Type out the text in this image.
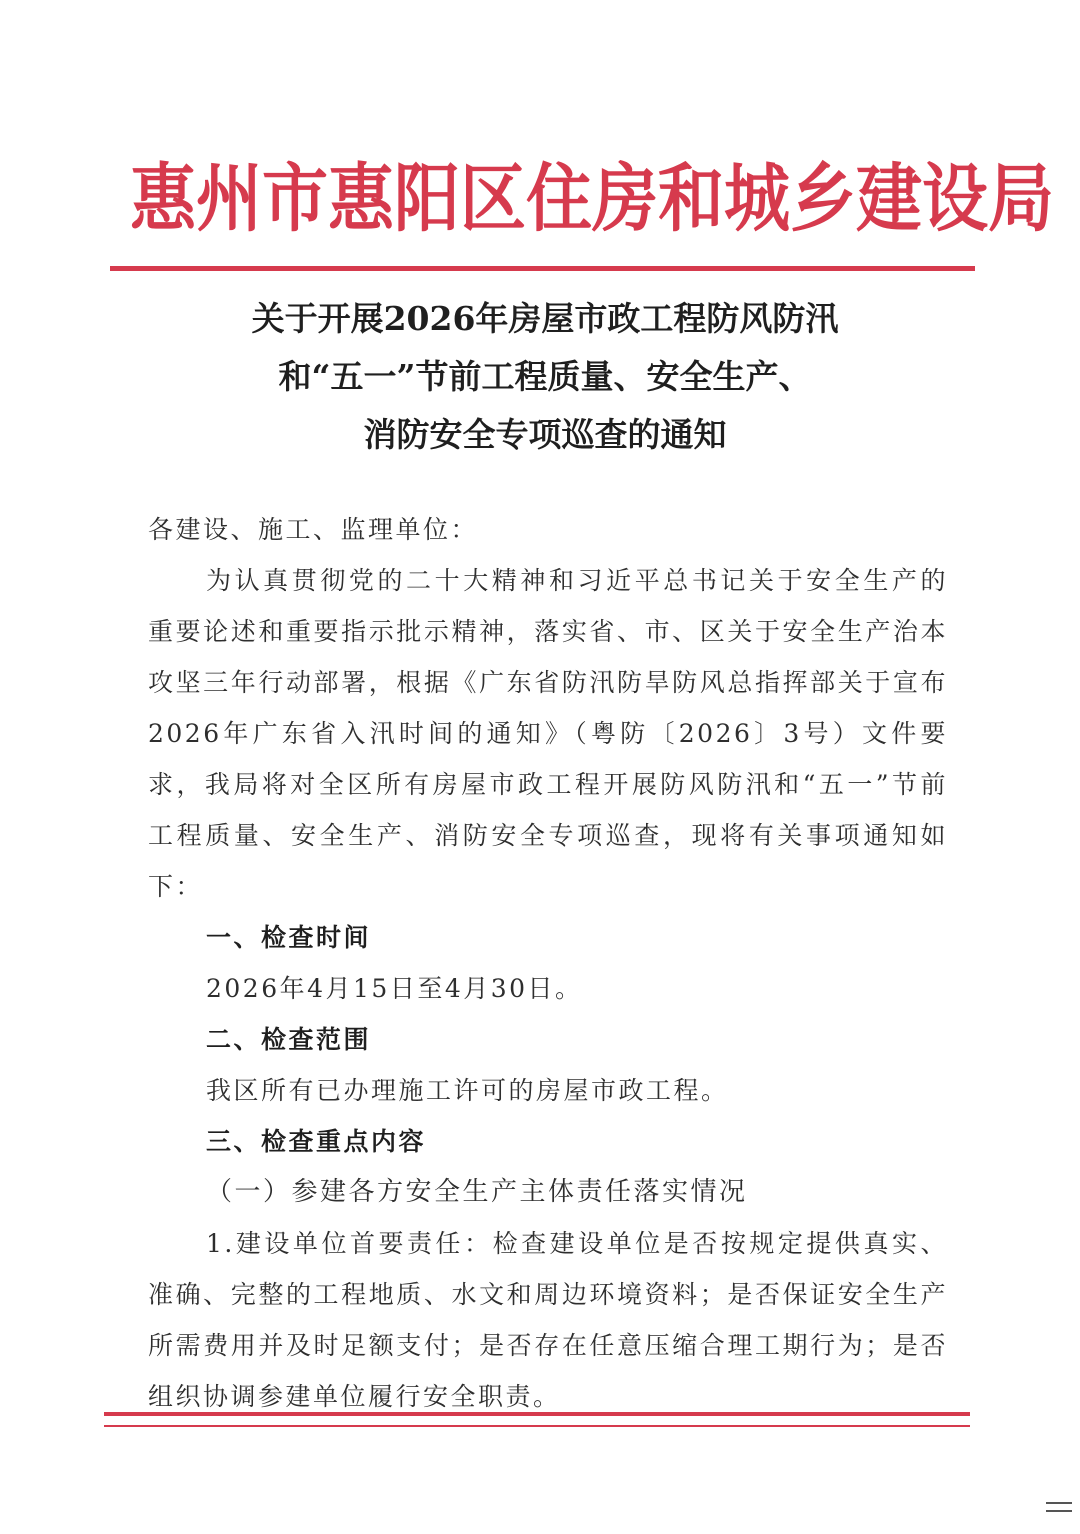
惠州市惠阳区住房和城乡建设局
关于开展2026年房屋市政工程防风防汛
和“五一”节前工程质量、安全生产、
消防安全专项巡查的通知

各建设、施工、监理单位：

为认真贯彻党的二十大精神和习近平总书记关于安全生产的重要论述和重要指示批示精神，落实省、市、区关于安全生产治本攻坚三年行动部署，根据《广东省防汛防旱防风总指挥部关于宣布2026年广东省入汛时间的通知》（粤防〔2026〕3号）文件要求，我局将对全区所有房屋市政工程开展防风防汛和“五一”节前工程质量、安全生产、消防安全专项巡查，现将有关事项通知如下：

一、检查时间

2026年4月15日至4月30日。

二、检查范围

我区所有已办理施工许可的房屋市政工程。

三、检查重点内容

（一）参建各方安全生产主体责任落实情况

1.建设单位首要责任：检查建设单位是否按规定提供真实、准确、完整的工程地质、水文和周边环境资料；是否保证安全生产所需费用并及时足额支付；是否存在任意压缩合理工期行为；是否组织协调参建单位履行安全职责。
